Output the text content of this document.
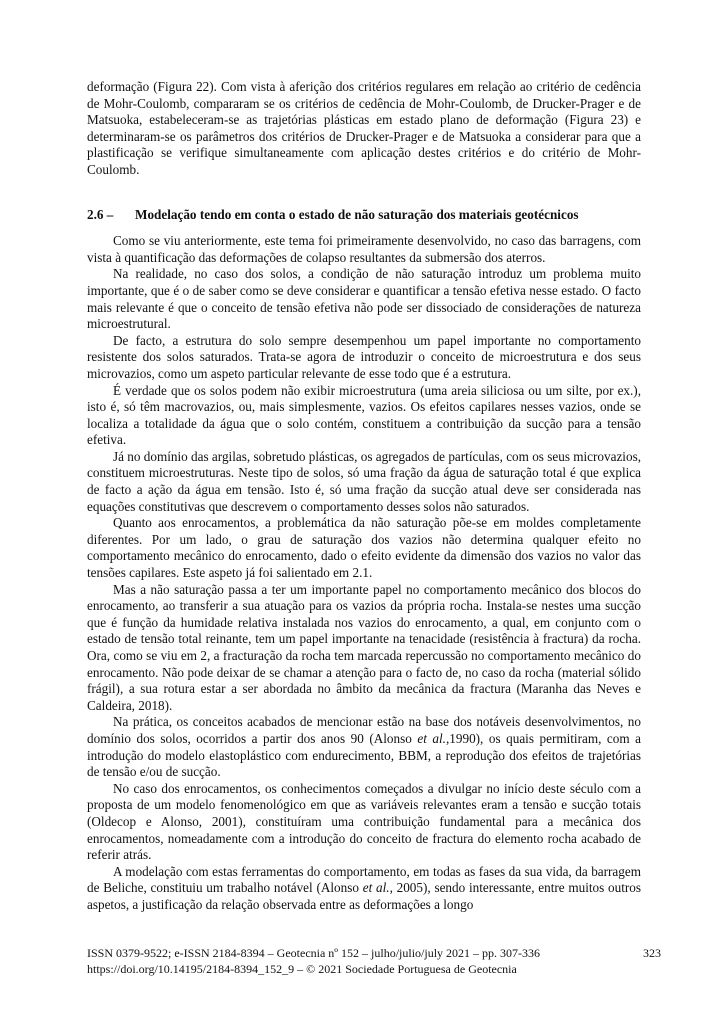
deformação (Figura 22). Com vista à aferição dos critérios regulares em relação ao critério de cedência de Mohr-Coulomb, compararam se os critérios de cedência de Mohr-Coulomb, de Drucker-Prager e de Matsuoka, estabeleceram-se as trajetórias plásticas em estado plano de deformação (Figura 23) e determinaram-se os parâmetros dos critérios de Drucker-Prager e de Matsuoka a considerar para que a plastificação se verifique simultaneamente com aplicação destes critérios e do critério de Mohr-Coulomb.

2.6 –	Modelação tendo em conta o estado de não saturação dos materiais geotécnicos

Como se viu anteriormente, este tema foi primeiramente desenvolvido, no caso das barragens, com vista à quantificação das deformações de colapso resultantes da submersão dos aterros.

Na realidade, no caso dos solos, a condição de não saturação introduz um problema muito importante, que é o de saber como se deve considerar e quantificar a tensão efetiva nesse estado. O facto mais relevante é que o conceito de tensão efetiva não pode ser dissociado de considerações de natureza microestrutural.

De facto, a estrutura do solo sempre desempenhou um papel importante no comportamento resistente dos solos saturados. Trata-se agora de introduzir o conceito de microestrutura e dos seus microvazios, como um aspeto particular relevante de esse todo que é a estrutura.

É verdade que os solos podem não exibir microestrutura (uma areia siliciosa ou um silte, por ex.), isto é, só têm macrovazios, ou, mais simplesmente, vazios. Os efeitos capilares nesses vazios, onde se localiza a totalidade da água que o solo contém, constituem a contribuição da sucção para a tensão efetiva.

Já no domínio das argilas, sobretudo plásticas, os agregados de partículas, com os seus microvazios, constituem microestruturas. Neste tipo de solos, só uma fração da água de saturação total é que explica de facto a ação da água em tensão. Isto é, só uma fração da sucção atual deve ser considerada nas equações constitutivas que descrevem o comportamento desses solos não saturados.

Quanto aos enrocamentos, a problemática da não saturação põe-se em moldes completamente diferentes. Por um lado, o grau de saturação dos vazios não determina qualquer efeito no comportamento mecânico do enrocamento, dado o efeito evidente da dimensão dos vazios no valor das tensões capilares. Este aspeto já foi salientado em 2.1.

Mas a não saturação passa a ter um importante papel no comportamento mecânico dos blocos do enrocamento, ao transferir a sua atuação para os vazios da própria rocha. Instala-se nestes uma sucção que é função da humidade relativa instalada nos vazios do enrocamento, a qual, em conjunto com o estado de tensão total reinante, tem um papel importante na tenacidade (resistência à fractura) da rocha. Ora, como se viu em 2, a fracturação da rocha tem marcada repercussão no comportamento mecânico do enrocamento. Não pode deixar de se chamar a atenção para o facto de, no caso da rocha (material sólido frágil), a sua rotura estar a ser abordada no âmbito da mecânica da fractura (Maranha das Neves e Caldeira, 2018).

Na prática, os conceitos acabados de mencionar estão na base dos notáveis desenvolvimentos, no domínio dos solos, ocorridos a partir dos anos 90 (Alonso et al.,1990), os quais permitiram, com a introdução do modelo elastoplástico com endurecimento, BBM, a reprodução dos efeitos de trajetórias de tensão e/ou de sucção.

No caso dos enrocamentos, os conhecimentos começados a divulgar no início deste século com a proposta de um modelo fenomenológico em que as variáveis relevantes eram a tensão e sucção totais (Oldecop e Alonso, 2001), constituíram uma contribuição fundamental para a mecânica dos enrocamentos, nomeadamente com a introdução do conceito de fractura do elemento rocha acabado de referir atrás.

A modelação com estas ferramentas do comportamento, em todas as fases da sua vida, da barragem de Beliche, constituiu um trabalho notável (Alonso et al., 2005), sendo interessante, entre muitos outros aspetos, a justificação da relação observada entre as deformações a longo

ISSN 0379-9522; e-ISSN 2184-8394 – Geotecnia nº 152 – julho/julio/july 2021 – pp. 307-336	323
https://doi.org/10.14195/2184-8394_152_9 – © 2021 Sociedade Portuguesa de Geotecnia
